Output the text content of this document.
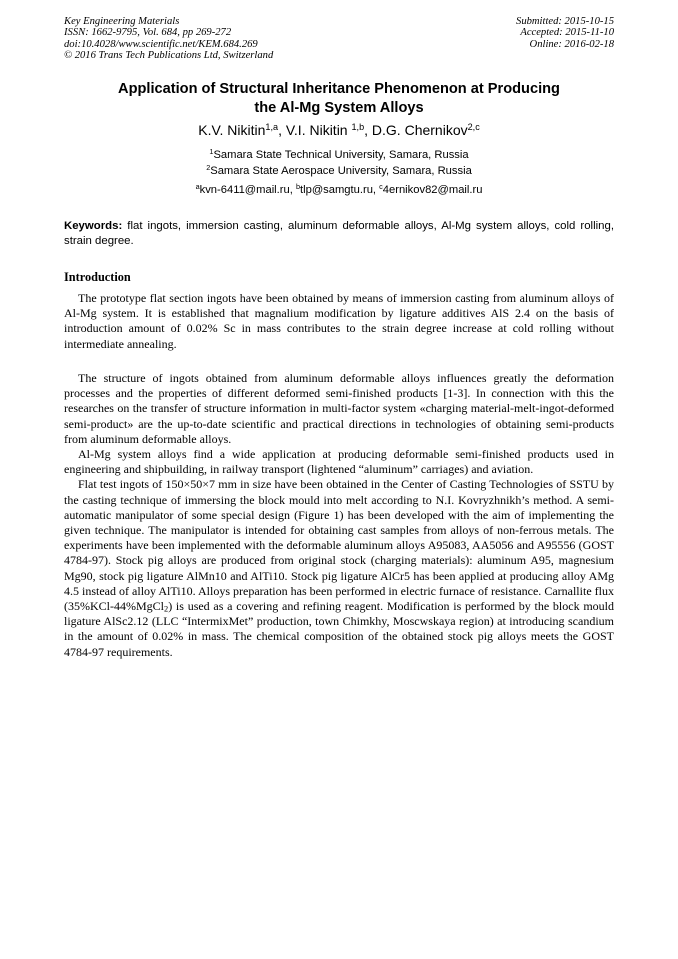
Key Engineering Materials
ISSN: 1662-9795, Vol. 684, pp 269-272
doi:10.4028/www.scientific.net/KEM.684.269
© 2016 Trans Tech Publications Ltd, Switzerland
Submitted: 2015-10-15
Accepted: 2015-11-10
Online: 2016-02-18
Application of Structural Inheritance Phenomenon at Producing
the Al-Mg System Alloys
K.V. Nikitin$^{1,a}$, V.I. Nikitin $^{1,b}$, D.G. Chernikov$^{2,c}$
$^1$Samara State Technical University, Samara, Russia
$^2$Samara State Aerospace University, Samara, Russia
$^a$kvn-6411@mail.ru, $^b$tlp@samgtu.ru, $^c$4ernikov82@mail.ru
Keywords: flat ingots, immersion casting, aluminum deformable alloys, Al-Mg system alloys, cold rolling, strain degree.
Introduction

The prototype flat section ingots have been obtained by means of immersion casting from aluminum alloys of Al-Mg system. It is established that magnalium modification by ligature additives AlS 2.4 on the basis of introduction amount of 0.02% Sc in mass contributes to the strain degree increase at cold rolling without intermediate annealing.

The structure of ingots obtained from aluminum deformable alloys influences greatly the deformation processes and the properties of different deformed semi-finished products [1-3]. In connection with this the researches on the transfer of structure information in multi-factor system «charging material-melt-ingot-deformed semi-product» are the up-to-date scientific and practical directions in technologies of obtaining semi-products from aluminum deformable alloys.

Al-Mg system alloys find a wide application at producing deformable semi-finished products used in engineering and shipbuilding, in railway transport (lightened “aluminum” carriages) and aviation.

Flat test ingots of 150×50×7 mm in size have been obtained in the Center of Casting Technologies of SSTU by the casting technique of immersing the block mould into melt according to N.I. Kovryzhnikh’s method. A semi-automatic manipulator of some special design (Figure 1) has been developed with the aim of implementing the given technique. The manipulator is intended for obtaining cast samples from alloys of non-ferrous metals. The experiments have been implemented with the deformable aluminum alloys A95083, AA5056 and A95556 (GOST 4784-97). Stock pig alloys are produced from original stock (charging materials): aluminum A95, magnesium Mg90, stock pig ligature AlMn10 and AlTi10. Stock pig ligature AlCr5 has been applied at producing alloy AMg 4.5 instead of alloy AlTi10. Alloys preparation has been performed in electric furnace of resistance. Carnallite flux (35%KCl-44%MgCl$_2$) is used as a covering and refining reagent. Modification is performed by the block mould ligature AlSc2.12 (LLC “IntermixMet” production, town Chimkhy, Moscwskaya region) at introducing scandium in the amount of 0.02% in mass. The chemical composition of the obtained stock pig alloys meets the GOST 4784-97 requirements.
